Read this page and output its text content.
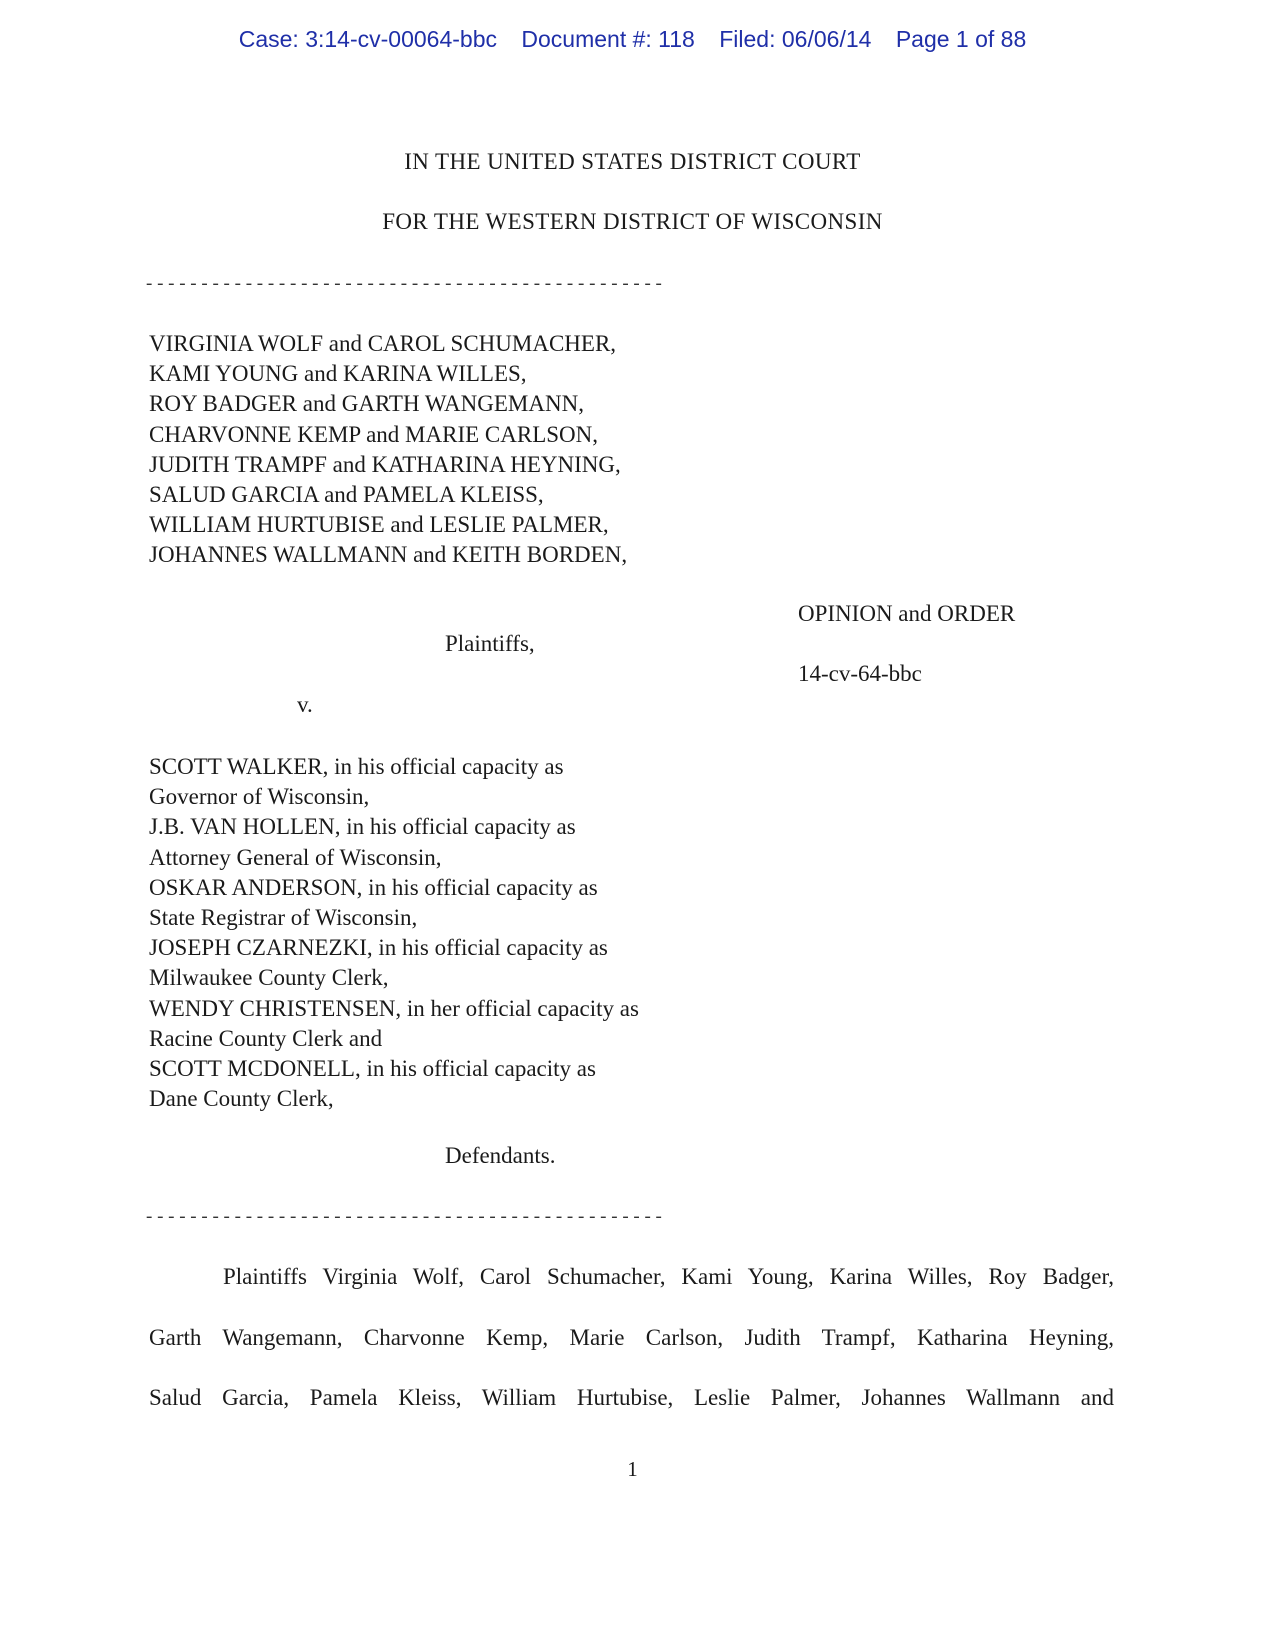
Case: 3:14-cv-00064-bbc Document #: 118 Filed: 06/06/14 Page 1 of 88
IN THE UNITED STATES DISTRICT COURT
FOR THE WESTERN DISTRICT OF WISCONSIN
- - - - - - - - - - - - - - - - - - - - - - - - - - - - - - - - - - - - - - - - - - - - - - -
VIRGINIA WOLF and CAROL SCHUMACHER,
KAMI YOUNG and KARINA WILLES,
ROY BADGER and GARTH WANGEMANN,
CHARVONNE KEMP and MARIE CARLSON,
JUDITH TRAMPF and KATHARINA HEYNING,
SALUD GARCIA and PAMELA KLEISS,
WILLIAM HURTUBISE and LESLIE PALMER,
JOHANNES WALLMANN and KEITH BORDEN,
OPINION and ORDER
Plaintiffs,
14-cv-64-bbc
v.
SCOTT WALKER, in his official capacity as
Governor of Wisconsin,
J.B. VAN HOLLEN, in his official capacity as
Attorney General of Wisconsin,
OSKAR ANDERSON, in his official capacity as
State Registrar of Wisconsin,
JOSEPH CZARNEZKI, in his official capacity as
Milwaukee County Clerk,
WENDY CHRISTENSEN, in her official capacity as
Racine County Clerk and
SCOTT MCDONELL, in his official capacity as
Dane County Clerk,
Defendants.
- - - - - - - - - - - - - - - - - - - - - - - - - - - - - - - - - - - - - - - - - - - - - - -
Plaintiffs Virginia Wolf, Carol Schumacher, Kami Young, Karina Willes, Roy Badger,
Garth Wangemann, Charvonne Kemp, Marie Carlson, Judith Trampf, Katharina Heyning,
Salud Garcia, Pamela Kleiss, William Hurtubise, Leslie Palmer, Johannes Wallmann and
1
